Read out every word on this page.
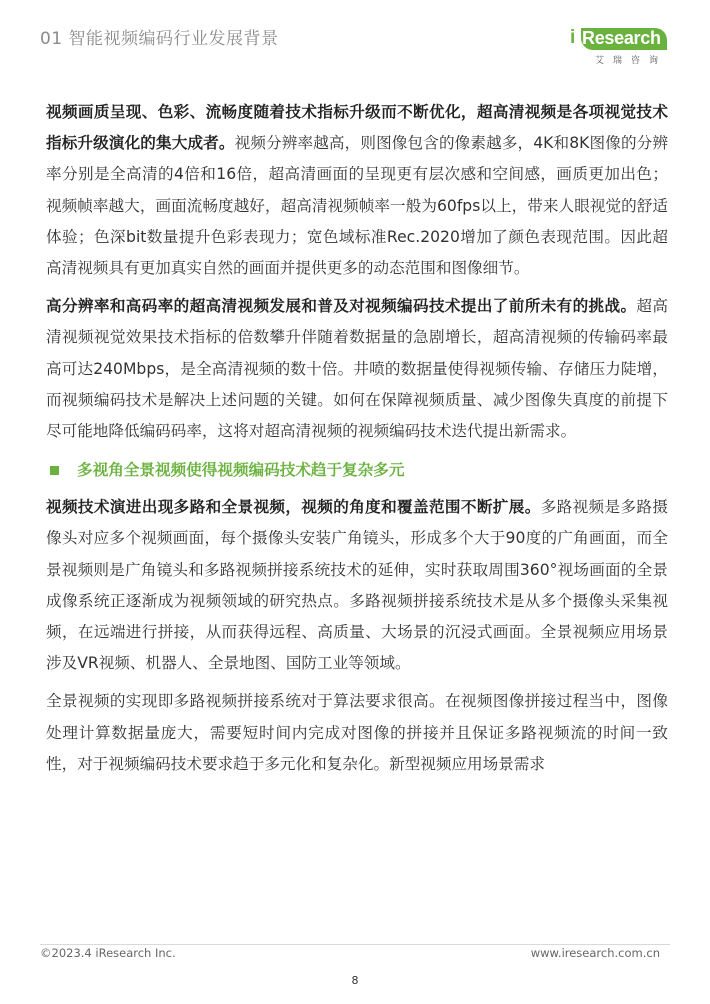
01 智能视频编码行业发展背景	i Research
艾瑞咨询

视频画质呈现、色彩、流畅度随着技术指标升级而不断优化，超高清视频是各项视觉技术指标升级演化的集大成者。视频分辨率越高，则图像包含的像素越多，4K和8K图像的分辨率分别是全高清的4倍和16倍，超高清画面的呈现更有层次感和空间感，画质更加出色；视频帧率越大，画面流畅度越好，超高清视频帧率一般为60fps以上，带来人眼视觉的舒适体验；色深bit数量提升色彩表现力；宽色域标准Rec.2020增加了颜色表现范围。因此超高清视频具有更加真实自然的画面并提供更多的动态范围和图像细节。

高分辨率和高码率的超高清视频发展和普及对视频编码技术提出了前所未有的挑战。超高清视频视觉效果技术指标的倍数攀升伴随着数据量的急剧增长，超高清视频的传输码率最高可达240Mbps，是全高清视频的数十倍。井喷的数据量使得视频传输、存储压力陡增，而视频编码技术是解决上述问题的关键。如何在保障视频质量、减少图像失真度的前提下尽可能地降低编码码率，这将对超高清视频的视频编码技术迭代提出新需求。

多视角全景视频使得视频编码技术趋于复杂多元

视频技术演进出现多路和全景视频，视频的角度和覆盖范围不断扩展。多路视频是多路摄像头对应多个视频画面，每个摄像头安装广角镜头，形成多个大于90度的广角画面，而全景视频则是广角镜头和多路视频拼接系统技术的延伸，实时获取周围360°视场画面的全景成像系统正逐渐成为视频领域的研究热点。多路视频拼接系统技术是从多个摄像头采集视频，在远端进行拼接，从而获得远程、高质量、大场景的沉浸式画面。全景视频应用场景涉及VR视频、机器人、全景地图、国防工业等领域。

全景视频的实现即多路视频拼接系统对于算法要求很高。在视频图像拼接过程当中，图像处理计算数据量庞大，需要短时间内完成对图像的拼接并且保证多路视频流的时间一致性，对于视频编码技术要求趋于多元化和复杂化。新型视频应用场景需求

©2023.4 iResearch Inc.	www.iresearch.com.cn
8
